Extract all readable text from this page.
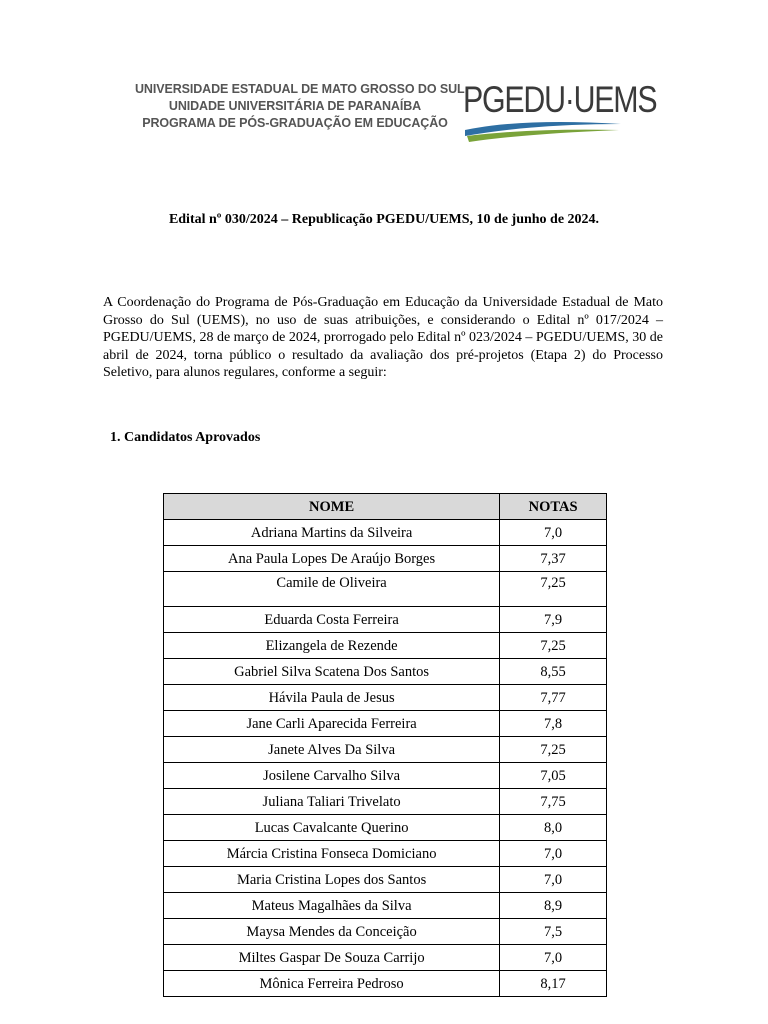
UNIVERSIDADE ESTADUAL DE MATO GROSSO DO SUL
UNIDADE UNIVERSITÁRIA DE PARANAÍBA
PROGRAMA DE PÓS-GRADUAÇÃO EM EDUCAÇÃO
PGEDU·UEMS
Edital nº 030/2024 – Republicação PGEDU/UEMS, 10 de junho de 2024.
A Coordenação do Programa de Pós-Graduação em Educação da Universidade Estadual de Mato Grosso do Sul (UEMS), no uso de suas atribuições, e considerando o Edital nº 017/2024 – PGEDU/UEMS, 28 de março de 2024, prorrogado pelo Edital nº 023/2024 – PGEDU/UEMS, 30 de abril de 2024, torna público o resultado da avaliação dos pré-projetos (Etapa 2) do Processo Seletivo, para alunos regulares, conforme a seguir:
1. Candidatos Aprovados
NOME	NOTAS
Adriana Martins da Silveira	7,0
Ana Paula Lopes De Araújo Borges	7,37
Camile de Oliveira	7,25
Eduarda Costa Ferreira	7,9
Elizangela de Rezende	7,25
Gabriel Silva Scatena Dos Santos	8,55
Hávila Paula de Jesus	7,77
Jane Carli Aparecida Ferreira	7,8
Janete Alves Da Silva	7,25
Josilene Carvalho Silva	7,05
Juliana Taliari Trivelato	7,75
Lucas Cavalcante Querino	8,0
Márcia Cristina Fonseca Domiciano	7,0
Maria Cristina Lopes dos Santos	7,0
Mateus Magalhães da Silva	8,9
Maysa Mendes da Conceição	7,5
Miltes Gaspar De Souza Carrijo	7,0
Mônica Ferreira Pedroso	8,17
